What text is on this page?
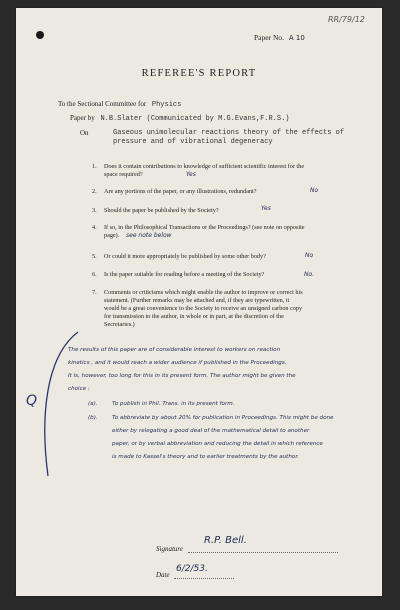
RR/79/12
Paper No. A 10
REFEREE'S REPORT
To the Sectional Committee for Physics
Paper by N.B.Slater (Communicated by M.G.Evans,F.R.S.)
On	Gaseous unimolecular reactions theory of the effects of
pressure and of vibrational degeneracy
1. Does it contain contributions to knowledge of sufficient scientific interest for the
space required?	Yes
2. Are any portions of the paper, or any illustrations, redundant?	No
3. Should the paper be published by the Society?	Yes
4. If so, in the Philosophical Transactions or the Proceedings? (see note on opposite
page).	see note below
5. Or could it more appropriately be published by some other body?	No
6. Is the paper suitable for reading before a meeting of the Society?	No.
7. Comments or criticisms which might enable the author to improve or correct his
statement. (Further remarks may be attached and, if they are typewritten, it
would be a great convenience to the Society to receive an unsigned carbon copy
for transmission to the author, in whole or in part, at the discretion of the
Secretaries.)
Q
The results of this paper are of considerable interest to workers on reaction
kinetics , and it would reach a wider audience if published in the Proceedings.
It is, however, too long for this in its present form. The author might be given the
choice :
(a).	To publish in Phil. Trans. in its present form.
(b).	To abbreviate by about 20% for publication in Proceedings. This might be done
either by relegating a good deal of the mathematical detail to another
paper, or by verbal abbreviation and reducing the detail in which reference
is made to Kassel's theory and to earlier treatments by the author.
Signature
R.P. Bell.
Date
6/2/53.
